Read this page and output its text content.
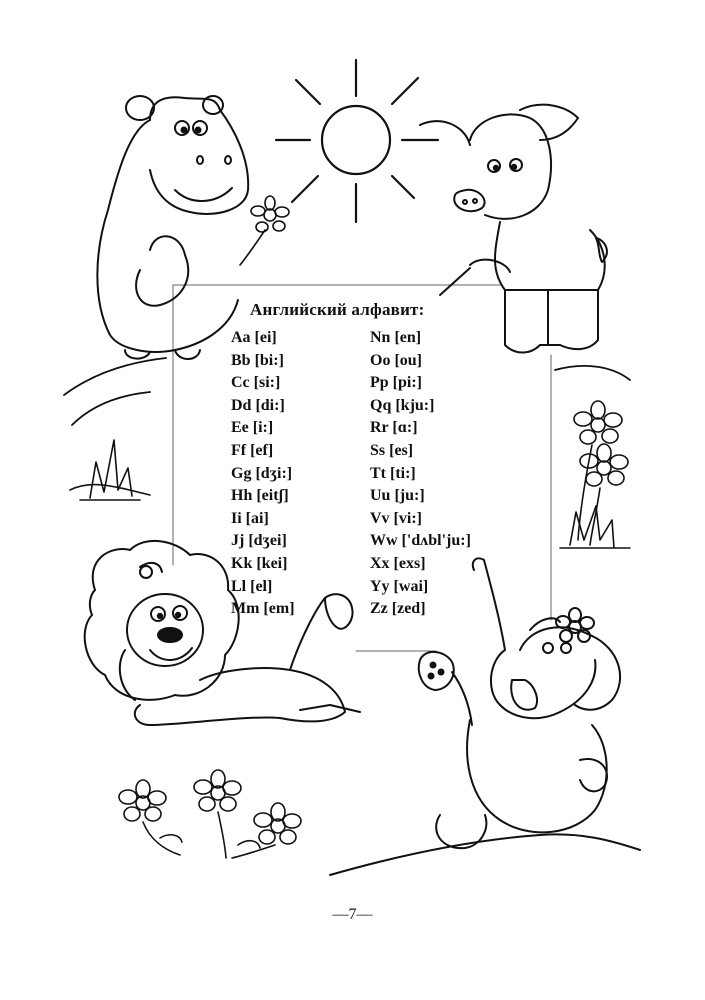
Английский алфавит:
Aa [ei]
Bb [bi:]
Cc [si:]
Dd [di:]
Ee [i:]
Ff [ef]
Gg [dʒi:]
Hh [eitʃ]
Ii [ai]
Jj [dʒei]
Kk [kei]
Ll [el]
Mm [em]
Nn [en]
Oo [ou]
Pp [pi:]
Qq [kju:]
Rr [ɑ:]
Ss [es]
Tt [ti:]
Uu [ju:]
Vv [vi:]
Ww ['dʌbl'ju:]
Xx [exs]
Yy [wai]
Zz [zed]
—7—
